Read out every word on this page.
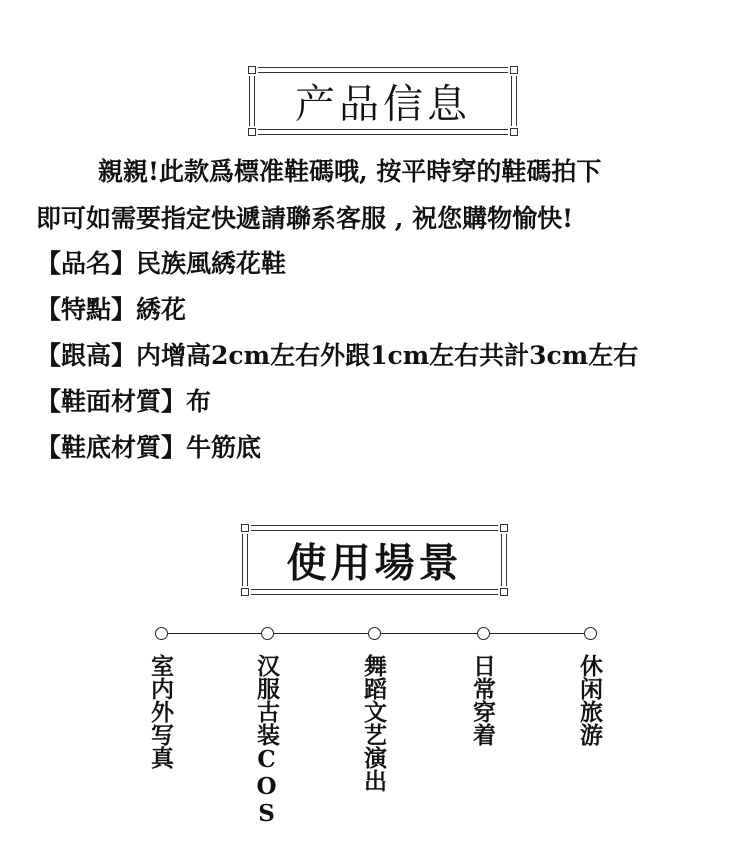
产品信息
親親!此款爲標准鞋碼哦, 按平時穿的鞋碼拍下
即可如需要指定快遞請聯系客服 , 祝您購物愉快!
【品名】民族風綉花鞋
【特點】綉花
【跟高】内增高2cm左右外跟1cm左右共計3cm左右
【鞋面材質】布
【鞋底材質】牛筋底
使用場景
室内外写真	汉服古装COS	舞蹈文艺演出	日常穿着	休闲旅游
